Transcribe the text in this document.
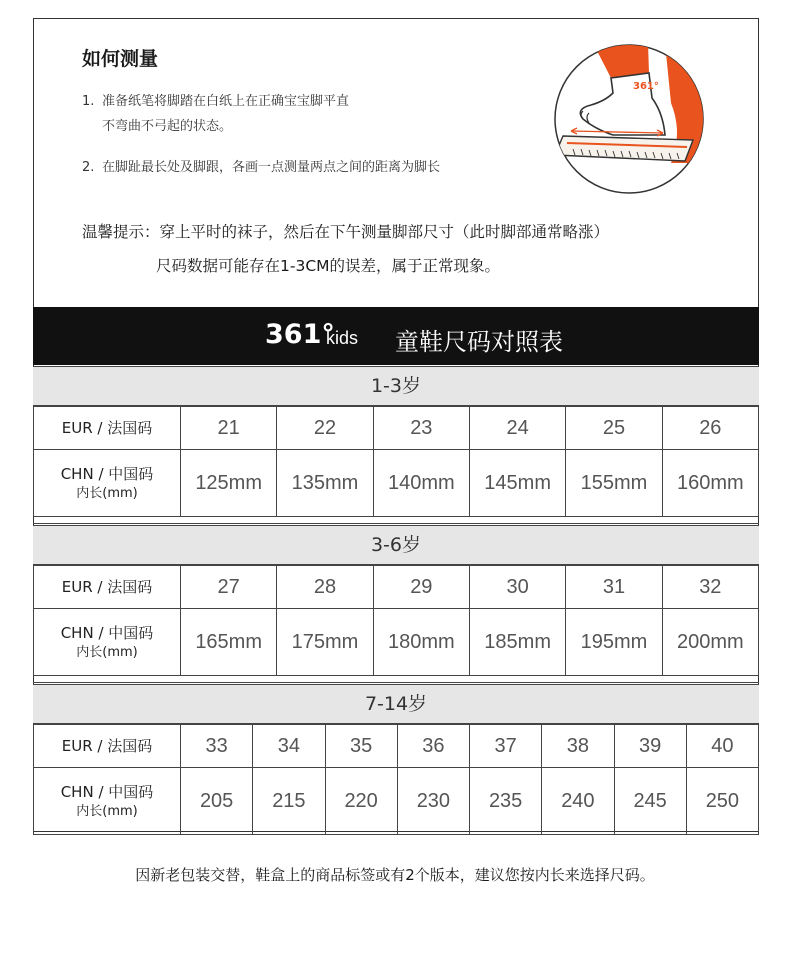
如何测量
1. 准备纸笔将脚踏在白纸上在正确宝宝脚平直
不弯曲不弓起的状态。
2. 在脚趾最长处及脚跟，各画一点测量两点之间的距离为脚长
温馨提示：穿上平时的袜子，然后在下午测量脚部尺寸（此时脚部通常略涨）
尺码数据可能存在1-3CM的误差，属于正常现象。
361°
361°
kids 童鞋尺码对照表
1-3岁
EUR / 法国码	21	22	23	24	25	26
CHN / 中国码
内长(mm)	125mm	135mm	140mm	145mm	155mm	160mm
3-6岁
EUR / 法国码	27	28	29	30	31	32
CHN / 中国码
内长(mm)	165mm	175mm	180mm	185mm	195mm	200mm
7-14岁
EUR / 法国码	33	34	35	36	37	38	39	40
CHN / 中国码
内长(mm)	205	215	220	230	235	240	245	250
因新老包装交替，鞋盒上的商品标签或有2个版本，建议您按内长来选择尺码。
